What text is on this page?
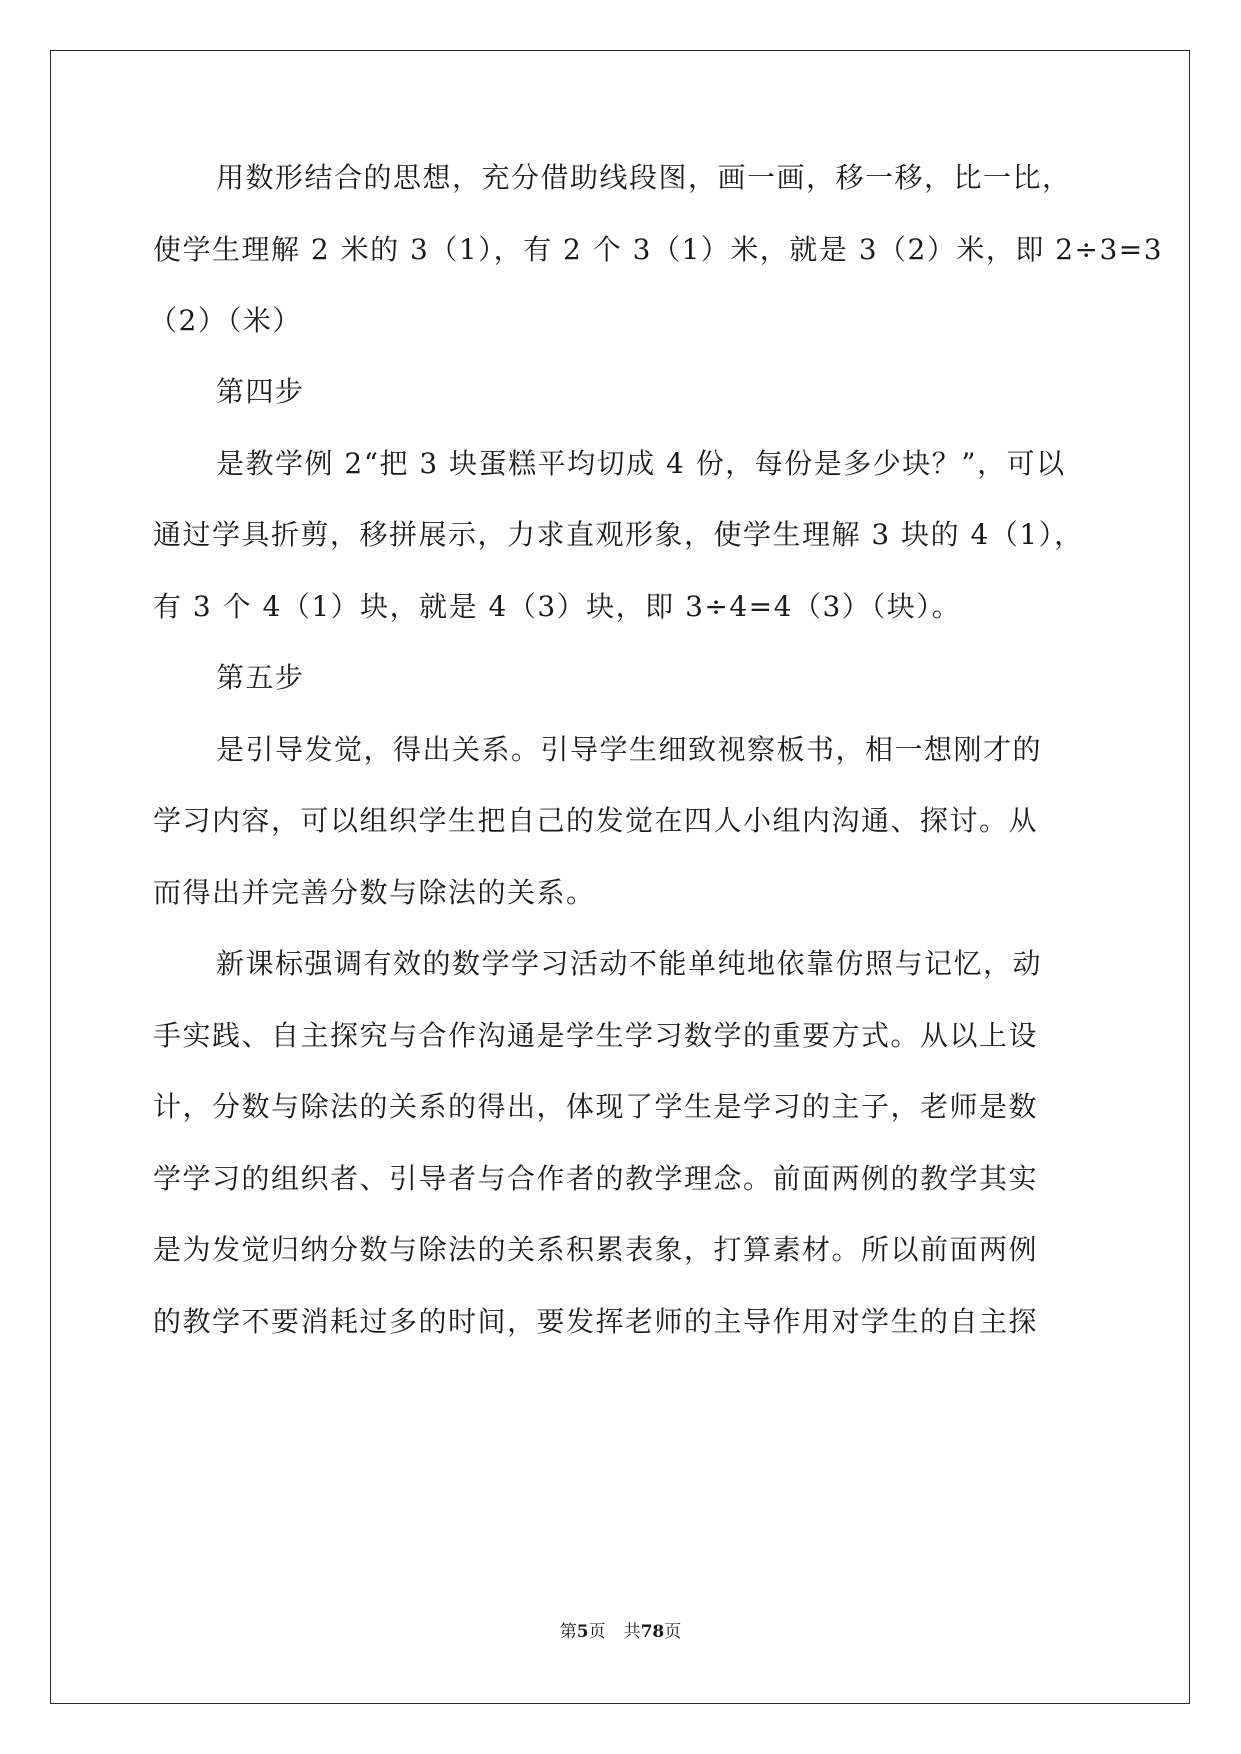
用数形结合的思想，充分借助线段图，画一画，移一移，比一比，
使学生理解 2 米的 3（1），有 2 个 3（1）米，就是 3（2）米，即 2÷3=3
（2）（米）
第四步
是教学例 2“把 3 块蛋糕平均切成 4 份，每份是多少块？”，可以
通过学具折剪，移拼展示，力求直观形象，使学生理解 3 块的 4（1），
有 3 个 4（1）块，就是 4（3）块，即 3÷4=4（3）（块）。
第五步
是引导发觉，得出关系。引导学生细致视察板书，相一想刚才的
学习内容，可以组织学生把自己的发觉在四人小组内沟通、探讨。从
而得出并完善分数与除法的关系。
新课标强调有效的数学学习活动不能单纯地依靠仿照与记忆，动
手实践、自主探究与合作沟通是学生学习数学的重要方式。从以上设
计，分数与除法的关系的得出，体现了学生是学习的主子，老师是数
学学习的组织者、引导者与合作者的教学理念。前面两例的教学其实
是为发觉归纳分数与除法的关系积累表象，打算素材。所以前面两例
的教学不要消耗过多的时间，要发挥老师的主导作用对学生的自主探
第5页 共78页
